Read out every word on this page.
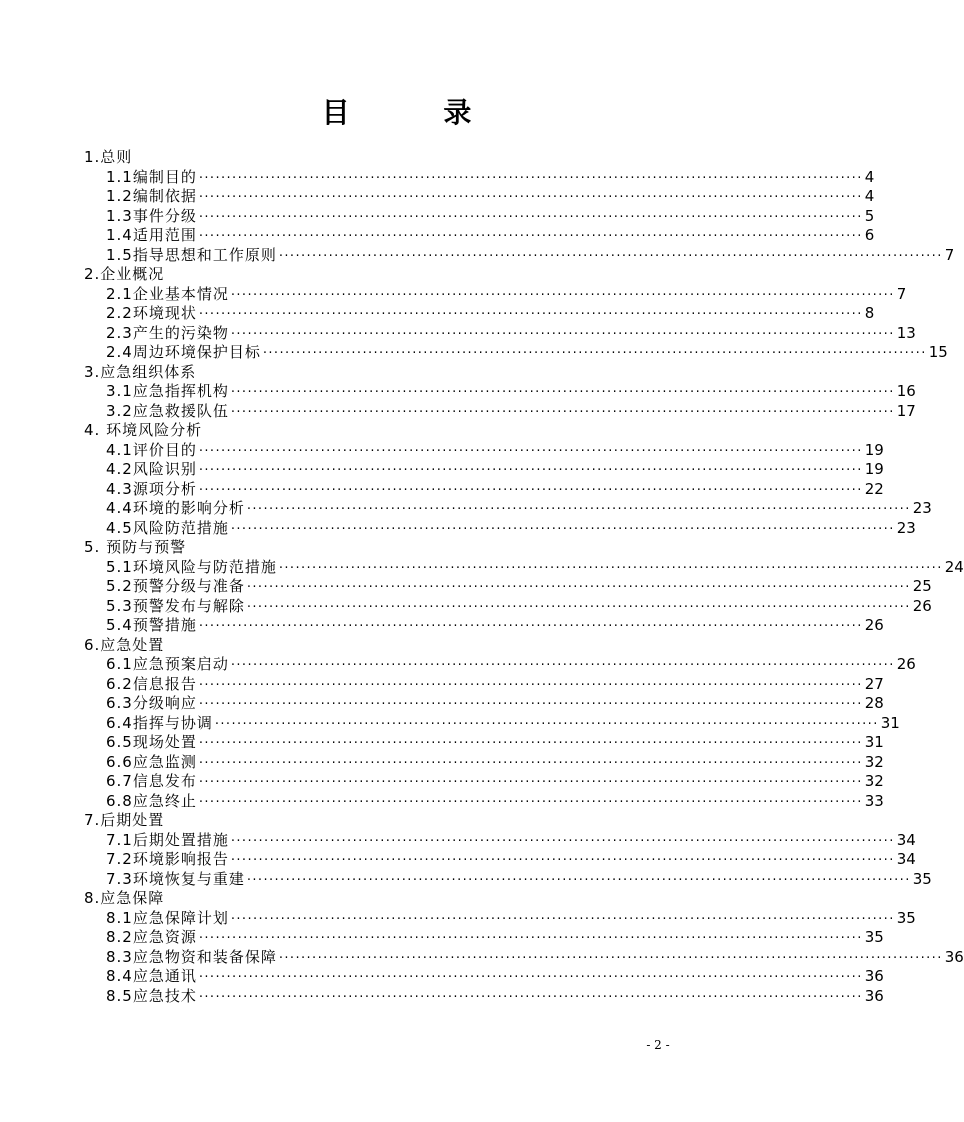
目 录
1.总则
1.1编制目的 ························································································································ 4
1.2编制依据 ························································································································ 4
1.3事件分级 ························································································································ 5
1.4适用范围 ························································································································ 6
1.5指导思想和工作原则 ························································································································ 7
2.企业概况
2.1企业基本情况 ························································································································ 7
2.2环境现状 ························································································································ 8
2.3产生的污染物 ························································································································ 13
2.4周边环境保护目标 ························································································································ 15
3.应急组织体系
3.1应急指挥机构 ························································································································ 16
3.2应急救援队伍 ························································································································ 17
4. 环境风险分析
4.1评价目的 ························································································································ 19
4.2风险识别 ························································································································ 19
4.3源项分析 ························································································································ 22
4.4环境的影响分析 ························································································································ 23
4.5风险防范措施 ························································································································ 23
5. 预防与预警
5.1环境风险与防范措施 ························································································································ 24
5.2预警分级与准备 ························································································································ 25
5.3预警发布与解除 ························································································································ 26
5.4预警措施 ························································································································ 26
6.应急处置
6.1应急预案启动 ························································································································ 26
6.2信息报告 ························································································································ 27
6.3分级响应 ························································································································ 28
6.4指挥与协调 ························································································································ 31
6.5现场处置 ························································································································ 31
6.6应急监测 ························································································································ 32
6.7信息发布 ························································································································ 32
6.8应急终止 ························································································································ 33
7.后期处置
7.1后期处置措施 ························································································································ 34
7.2环境影响报告 ························································································································ 34
7.3环境恢复与重建 ························································································································ 35
8.应急保障
8.1应急保障计划 ························································································································ 35
8.2应急资源 ························································································································ 35
8.3应急物资和装备保障 ························································································································ 36
8.4应急通讯 ························································································································ 36
8.5应急技术 ························································································································ 36
- 2 -
